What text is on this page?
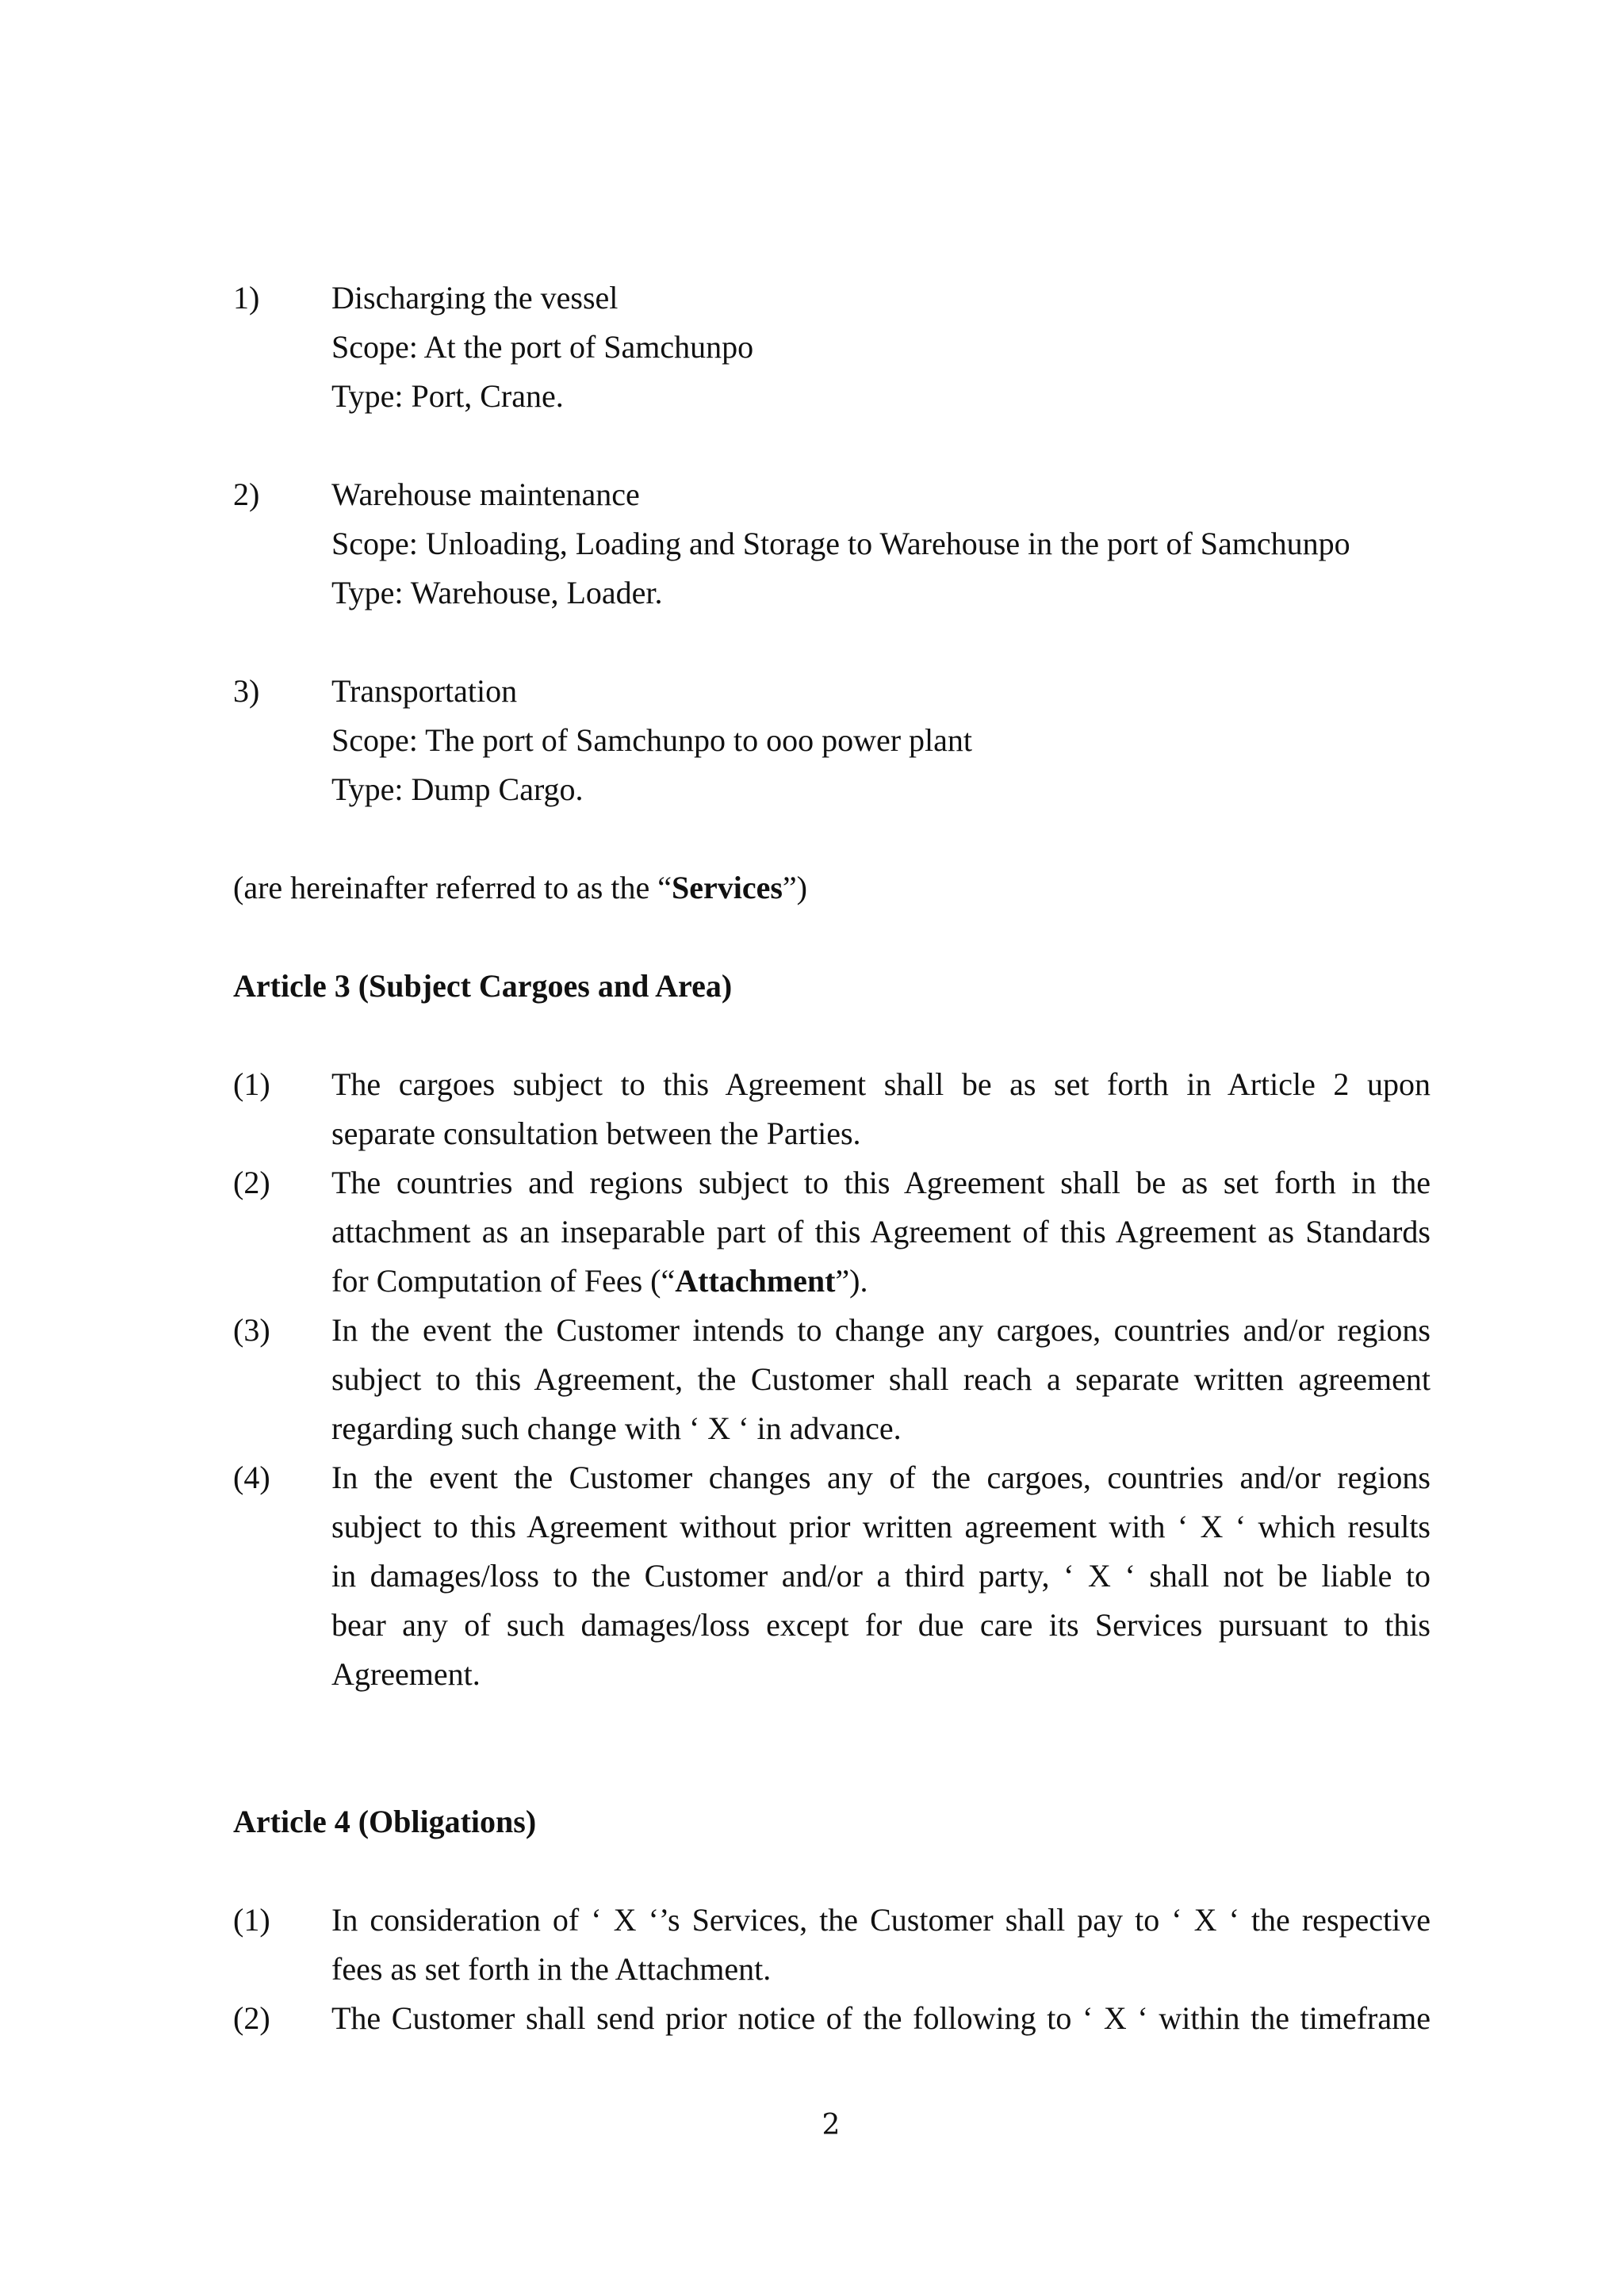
1) Discharging the vessel
Scope: At the port of Samchunpo
Type: Port, Crane.
2) Warehouse maintenance
Scope: Unloading, Loading and Storage to Warehouse in the port of Samchunpo
Type: Warehouse, Loader.
3) Transportation
Scope: The port of Samchunpo to ooo power plant
Type: Dump Cargo.
(are hereinafter referred to as the “Services”)
Article 3 (Subject Cargoes and Area)
(1) The cargoes subject to this Agreement shall be as set forth in Article 2 upon
separate consultation between the Parties.
(2) The countries and regions subject to this Agreement shall be as set forth in the
attachment as an inseparable part of this Agreement of this Agreement as Standards
for Computation of Fees (“Attachment”).
(3) In the event the Customer intends to change any cargoes, countries and/or regions
subject to this Agreement, the Customer shall reach a separate written agreement
regarding such change with ‘ X ‘ in advance.
(4) In the event the Customer changes any of the cargoes, countries and/or regions
subject to this Agreement without prior written agreement with ‘ X ‘ which results
in damages/loss to the Customer and/or a third party, ‘ X ‘ shall not be liable to
bear any of such damages/loss except for due care its Services pursuant to this
Agreement.
Article 4 (Obligations)
(1) In consideration of ‘ X ‘’s Services, the Customer shall pay to ‘ X ‘ the respective
fees as set forth in the Attachment.
(2) The Customer shall send prior notice of the following to ‘ X ‘ within the timeframe
2
